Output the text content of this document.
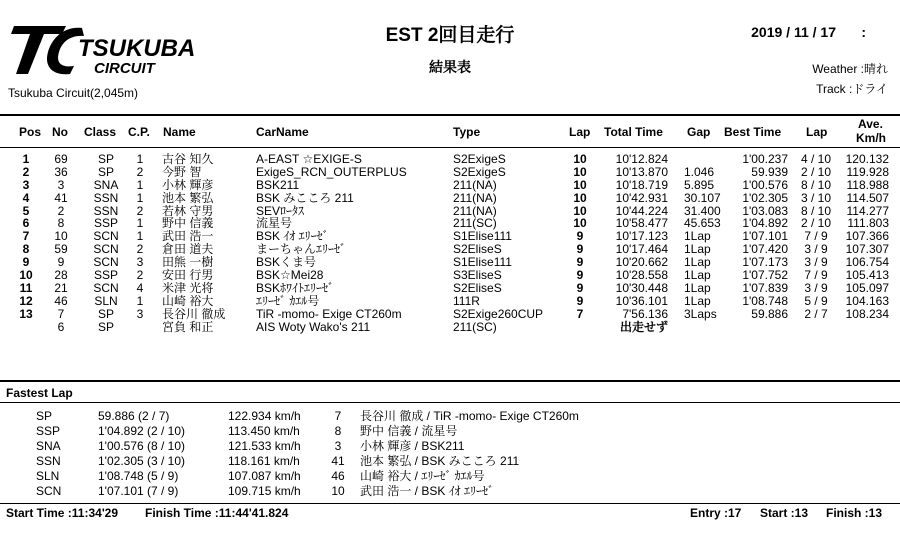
TSUKUBA
CIRCUIT
Tsukuba Circuit(2,045m)
EST 2回目走行
結果表
2019 / 11 / 17 :
Weather :晴れ
Track :ドライ
Pos No Class C.P. Name	CarName	Type	Lap Total Time Gap Best Time Lap
Ave.
Km/h
1	69	SP	1	古谷 知久	A-EAST ☆EXIGE-S	S2ExigeS	10	10'12.824	1'00.237	4 / 10	120.132
2	36	SP	2	今野 智	ExigeS_RCN_OUTERPLUS	S2ExigeS	10	10'13.870 1.046	59.939	2 / 10	119.928
3	3	SNA	1	小林 輝彦	BSK211	211(NA)	10	10'18.719 5.895	1'00.576	8 / 10	118.988
4	41	SSN	1	池本 繁弘	BSK みこころ 211	211(NA)	10	10'42.931 30.107	1'02.305	3 / 10	114.507
5	2	SSN	2	若林 守男	SEVﾛｰﾀｽ	211(NA)	10	10'44.224 31.400	1'03.083	8 / 10	114.277
6	8	SSP	1	野中 信義	流星号	211(SC)	10	10'58.477 45.653	1'04.892	2 / 10	111.803
7	10	SCN	1	武田 浩一	BSK ｲｵ ｴﾘｰｾﾞ	S1Elise111	9	10'17.123 1Lap	1'07.101	7 / 9	107.366
8	59	SCN	2	倉田 道夫	まーちゃんｴﾘｰｾﾞ	S2EliseS	9	10'17.464 1Lap	1'07.420	3 / 9	107.307
9	9	SCN	3	田熊 一樹	BSKくま号	S1Elise111	9	10'20.662 1Lap	1'07.173	3 / 9	106.754
10	28	SSP	2	安田 行男	BSK☆Mei28	S3EliseS	9	10'28.558 1Lap	1'07.752	7 / 9	105.413
11	21	SCN	4	米津 光将	BSKﾎﾜｲﾄｴﾘｰｾﾞ	S2EliseS	9	10'30.448 1Lap	1'07.839	3 / 9	105.097
12	46	SLN	1	山崎 裕大	ｴﾘｰｾﾞ ｶｴﾙ号	111R	9	10'36.101 1Lap	1'08.748	5 / 9	104.163
13	7	SP	3	長谷川 徹成	TiR -momo- Exige CT260m	S2Exige260CUP	7	7'56.136 3Laps	59.886	2 / 7	108.234
6	SP	宮負 和正	AIS Woty Wako's 211	211(SC)	出走せず
Fastest Lap
SP	59.886 (2 / 7)	122.934 km/h	7	長谷川 徹成 / TiR -momo- Exige CT260m
SSP	1'04.892 (2 / 10)	113.450 km/h	8	野中 信義 / 流星号
SNA	1'00.576 (8 / 10)	121.533 km/h	3	小林 輝彦 / BSK211
SSN	1'02.305 (3 / 10)	118.161 km/h	41 池本 繁弘 / BSK みこころ 211
SLN	1'08.748 (5 / 9)	107.087 km/h	46 山崎 裕大 / ｴﾘｰｾﾞ ｶｴﾙ号
SCN	1'07.101 (7 / 9)	109.715 km/h	10 武田 浩一 / BSK ｲｵ ｴﾘｰｾﾞ
Start Time :11:34'29 Finish Time :11:44'41.824	Entry :17 Start :13 Finish :13
